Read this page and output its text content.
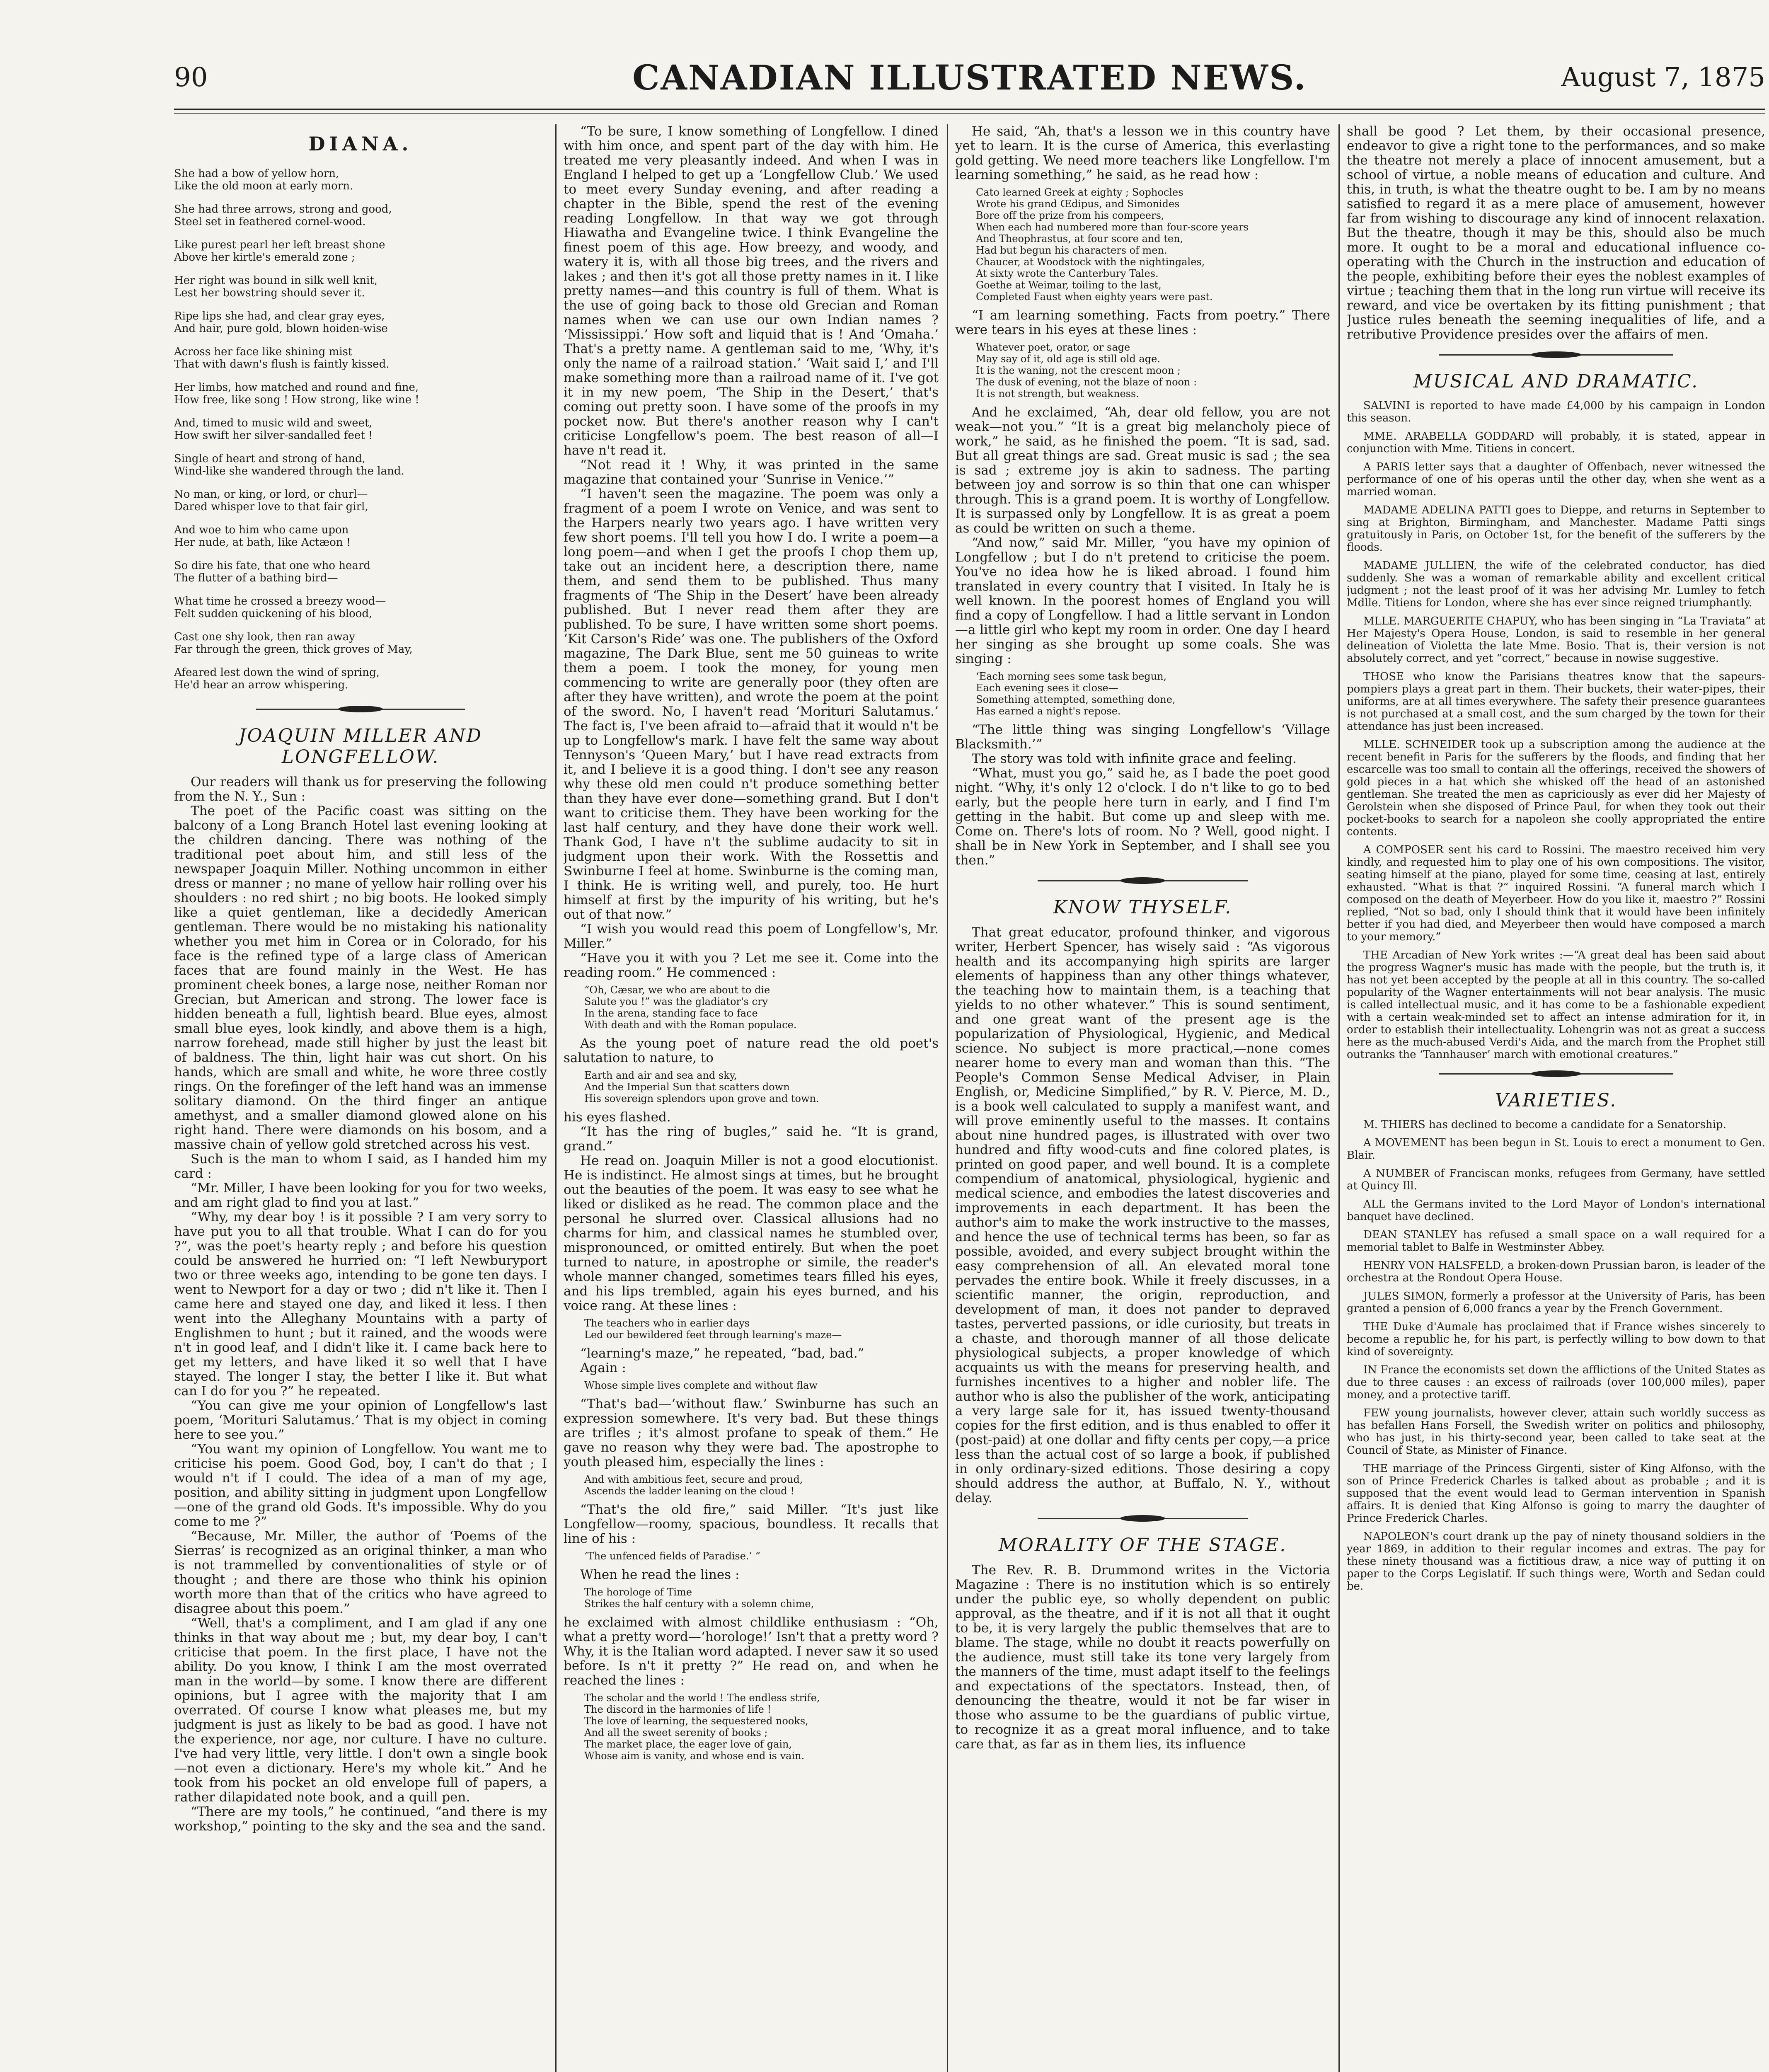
90	CANADIAN ILLUSTRATED NEWS.	August 7, 1875
DIANA.

She had a bow of yellow horn,
Like the old moon at early morn.

She had three arrows, strong and good,
Steel set in feathered cornel-wood.

Like purest pearl her left breast shone
Above her kirtle's emerald zone ;

Her right was bound in silk well knit,
Lest her bowstring should sever it.

Ripe lips she had, and clear gray eyes,
And hair, pure gold, blown hoiden-wise

Across her face like shining mist
That with dawn's flush is faintly kissed.

Her limbs, how matched and round and fine,
How free, like song ! How strong, like wine !

And, timed to music wild and sweet,
How swift her silver-sandalled feet !

Single of heart and strong of hand,
Wind-like she wandered through the land.

No man, or king, or lord, or churl—
Dared whisper love to that fair girl,

And woe to him who came upon
Her nude, at bath, like Actæon !

So dire his fate, that one who heard
The flutter of a bathing bird—

What time he crossed a breezy wood—
Felt sudden quickening of his blood,

Cast one shy look, then ran away
Far through the green, thick groves of May,

Afeared lest down the wind of spring,
He'd hear an arrow whispering.

JOAQUIN MILLER AND LONGFELLOW.

Our readers will thank us for preserving the following from the N. Y., Sun :

The poet of the Pacific coast was sitting on the balcony of a Long Branch Hotel last evening looking at the children dancing. There was nothing of the traditional poet about him, and still less of the newspaper Joaquin Miller. Nothing uncommon in either dress or manner ; no mane of yellow hair rolling over his shoulders : no red shirt ; no big boots. He looked simply like a quiet gentleman, like a decidedly American gentleman. There would be no mistaking his nationality whether you met him in Corea or in Colorado, for his face is the refined type of a large class of American faces that are found mainly in the West. He has prominent cheek bones, a large nose, neither Roman nor Grecian, but American and strong. The lower face is hidden beneath a full, lightish beard. Blue eyes, almost small blue eyes, look kindly, and above them is a high, narrow forehead, made still higher by just the least bit of baldness. The thin, light hair was cut short. On his hands, which are small and white, he wore three costly rings. On the forefinger of the left hand was an immense solitary diamond. On the third finger an antique amethyst, and a smaller diamond glowed alone on his right hand. There were diamonds on his bosom, and a massive chain of yellow gold stretched across his vest.

Such is the man to whom I said, as I handed him my card :

“Mr. Miller, I have been looking for you for two weeks, and am right glad to find you at last.”

“Why, my dear boy ! is it possible ? I am very sorry to have put you to all that trouble. What I can do for you ?”, was the poet's hearty reply ; and before his question could be answered he hurried on: “I left Newburyport two or three weeks ago, intending to be gone ten days. I went to Newport for a day or two ; did n't like it. Then I came here and stayed one day, and liked it less. I then went into the Alleghany Mountains with a party of Englishmen to hunt ; but it rained, and the woods were n't in good leaf, and I didn't like it. I came back here to get my letters, and have liked it so well that I have stayed. The longer I stay, the better I like it. But what can I do for you ?” he repeated.

“You can give me your opinion of Longfellow's last poem, ‘Morituri Salutamus.’ That is my object in coming here to see you.”

“You want my opinion of Longfellow. You want me to criticise his poem. Good God, boy, I can't do that ; I would n't if I could. The idea of a man of my age, position, and ability sitting in judgment upon Longfellow—one of the grand old Gods. It's impossible. Why do you come to me ?”

“Because, Mr. Miller, the author of ‘Poems of the Sierras’ is recognized as an original thinker, a man who is not trammelled by conventionalities of style or of thought ; and there are those who think his opinion worth more than that of the critics who have agreed to disagree about this poem.”

“Well, that's a compliment, and I am glad if any one thinks in that way about me ; but, my dear boy, I can't criticise that poem. In the first place, I have not the ability. Do you know, I think I am the most overrated man in the world—by some. I know there are different opinions, but I agree with the majority that I am overrated. Of course I know what pleases me, but my judgment is just as likely to be bad as good. I have not the experience, nor age, nor culture. I have no culture. I've had very little, very little. I don't own a single book—not even a dictionary. Here's my whole kit.” And he took from his pocket an old envelope full of papers, a rather dilapidated note book, and a quill pen.

“There are my tools,” he continued, “and there is my workshop,” pointing to the sky and the sea and the sand.

“To be sure, I know something of Longfellow. I dined with him once, and spent part of the day with him. He treated me very pleasantly indeed. And when I was in England I helped to get up a ‘Longfellow Club.’ We used to meet every Sunday evening, and after reading a chapter in the Bible, spend the rest of the evening reading Longfellow. In that way we got through Hiawatha and Evangeline twice. I think Evangeline the finest poem of this age. How breezy, and woody, and watery it is, with all those big trees, and the rivers and lakes ; and then it's got all those pretty names in it. I like pretty names—and this country is full of them. What is the use of going back to those old Grecian and Roman names when we can use our own Indian names ? ‘Mississippi.’ How soft and liquid that is ! And ‘Omaha.’ That's a pretty name. A gentleman said to me, ‘Why, it's only the name of a railroad station.’ ‘Wait said I,’ and I'll make something more than a railroad name of it. I've got it in my new poem, ‘The Ship in the Desert,’ that's coming out pretty soon. I have some of the proofs in my pocket now. But there's another reason why I can't criticise Longfellow's poem. The best reason of all—I have n't read it.

“Not read it ! Why, it was printed in the same magazine that contained your ‘Sunrise in Venice.’”

“I haven't seen the magazine. The poem was only a fragment of a poem I wrote on Venice, and was sent to the Harpers nearly two years ago. I have written very few short poems. I'll tell you how I do. I write a poem—a long poem—and when I get the proofs I chop them up, take out an incident here, a description there, name them, and send them to be published. Thus many fragments of ‘The Ship in the Desert’ have been already published. But I never read them after they are published. To be sure, I have written some short poems. ‘Kit Carson's Ride’ was one. The publishers of the Oxford magazine, The Dark Blue, sent me 50 guineas to write them a poem. I took the money, for young men commencing to write are generally poor (they often are after they have written), and wrote the poem at the point of the sword. No, I haven't read ‘Morituri Salutamus.’ The fact is, I've been afraid to—afraid that it would n't be up to Longfellow's mark. I have felt the same way about Tennyson's ‘Queen Mary,’ but I have read extracts from it, and I believe it is a good thing. I don't see any reason why these old men could n't produce something better than they have ever done—something grand. But I don't want to criticise them. They have been working for the last half century, and they have done their work well. Thank God, I have n't the sublime audacity to sit in judgment upon their work. With the Rossettis and Swinburne I feel at home. Swinburne is the coming man, I think. He is writing well, and purely, too. He hurt himself at first by the impurity of his writing, but he's out of that now.”

“I wish you would read this poem of Longfellow's, Mr. Miller.”

“Have you it with you ? Let me see it. Come into the reading room.” He commenced :

“Oh, Cæsar, we who are about to die
Salute you !” was the gladiator's cry
In the arena, standing face to face
With death and with the Roman populace.

As the young poet of nature read the old poet's salutation to nature, to

Earth and air and sea and sky,
And the Imperial Sun that scatters down
His sovereign splendors upon grove and town.

his eyes flashed.

“It has the ring of bugles,” said he. “It is grand, grand.”

He read on. Joaquin Miller is not a good elocutionist. He is indistinct. He almost sings at times, but he brought out the beauties of the poem. It was easy to see what he liked or disliked as he read. The common place and the personal he slurred over. Classical allusions had no charms for him, and classical names he stumbled over, mispronounced, or omitted entirely. But when the poet turned to nature, in apostrophe or simile, the reader's whole manner changed, sometimes tears filled his eyes, and his lips trembled, again his eyes burned, and his voice rang. At these lines :

The teachers who in earlier days
Led our bewildered feet through learning's maze—

“learning's maze,” he repeated, “bad, bad.”

Again :

Whose simple lives complete and without flaw

“That's bad—‘without flaw.’ Swinburne has such an expression somewhere. It's very bad. But these things are trifles ; it's almost profane to speak of them.” He gave no reason why they were bad. The apostrophe to youth pleased him, especially the lines :

And with ambitious feet, secure and proud,
Ascends the ladder leaning on the cloud !

“That's the old fire,” said Miller. “It's just like Longfellow—roomy, spacious, boundless. It recalls that line of his :

‘The unfenced fields of Paradise.’ ”

When he read the lines :

The horologe of Time
Strikes the half century with a solemn chime,

he exclaimed with almost childlike enthusiasm : “Oh, what a pretty word—‘horologe!’ Isn't that a pretty word ? Why, it is the Italian word adapted. I never saw it so used before. Is n't it pretty ?” He read on, and when he reached the lines :

The scholar and the world ! The endless strife,
The discord in the harmonies of life !
The love of learning, the sequestered nooks,
And all the sweet serenity of books ;
The market place, the eager love of gain,
Whose aim is vanity, and whose end is vain.

He said, “Ah, that's a lesson we in this country have yet to learn. It is the curse of America, this everlasting gold getting. We need more teachers like Longfellow. I'm learning something,” he said, as he read how :

Cato learned Greek at eighty ; Sophocles
Wrote his grand Œdipus, and Simonides
Bore off the prize from his compeers,
When each had numbered more than four-score years
And Theophrastus, at four score and ten,
Had but begun his characters of men.
Chaucer, at Woodstock with the nightingales,
At sixty wrote the Canterbury Tales.
Goethe at Weimar, toiling to the last,
Completed Faust when eighty years were past.

“I am learning something. Facts from poetry.” There were tears in his eyes at these lines :

Whatever poet, orator, or sage
May say of it, old age is still old age.
It is the waning, not the crescent moon ;
The dusk of evening, not the blaze of noon :
It is not strength, but weakness.

And he exclaimed, “Ah, dear old fellow, you are not weak—not you.” “It is a great big melancholy piece of work,” he said, as he finished the poem. “It is sad, sad. But all great things are sad. Great music is sad ; the sea is sad ; extreme joy is akin to sadness. The parting between joy and sorrow is so thin that one can whisper through. This is a grand poem. It is worthy of Longfellow. It is surpassed only by Longfellow. It is as great a poem as could be written on such a theme.

“And now,” said Mr. Miller, “you have my opinion of Longfellow ; but I do n't pretend to criticise the poem. You've no idea how he is liked abroad. I found him translated in every country that I visited. In Italy he is well known. In the poorest homes of England you will find a copy of Longfellow. I had a little servant in London—a little girl who kept my room in order. One day I heard her singing as she brought up some coals. She was singing :

‘Each morning sees some task begun,
Each evening sees it close—
Something attempted, something done,
Has earned a night's repose.

“The little thing was singing Longfellow's ‘Village Blacksmith.’”

The story was told with infinite grace and feeling.

“What, must you go,” said he, as I bade the poet good night. “Why, it's only 12 o'clock. I do n't like to go to bed early, but the people here turn in early, and I find I'm getting in the habit. But come up and sleep with me. Come on. There's lots of room. No ? Well, good night. I shall be in New York in September, and I shall see you then.”

KNOW THYSELF.

That great educator, profound thinker, and vigorous writer, Herbert Spencer, has wisely said : “As vigorous health and its accompanying high spirits are larger elements of happiness than any other things whatever, the teaching how to maintain them, is a teaching that yields to no other whatever.” This is sound sentiment, and one great want of the present age is the popularization of Physiological, Hygienic, and Medical science. No subject is more practical,—none comes nearer home to every man and woman than this. “The People's Common Sense Medical Adviser, in Plain English, or, Medicine Simplified,” by R. V. Pierce, M. D., is a book well calculated to supply a manifest want, and will prove eminently useful to the masses. It contains about nine hundred pages, is illustrated with over two hundred and fifty wood-cuts and fine colored plates, is printed on good paper, and well bound. It is a complete compendium of anatomical, physiological, hygienic and medical science, and embodies the latest discoveries and improvements in each department. It has been the author's aim to make the work instructive to the masses, and hence the use of technical terms has been, so far as possible, avoided, and every subject brought within the easy comprehension of all. An elevated moral tone pervades the entire book. While it freely discusses, in a scientific manner, the origin, reproduction, and development of man, it does not pander to depraved tastes, perverted passions, or idle curiosity, but treats in a chaste, and thorough manner of all those delicate physiological subjects, a proper knowledge of which acquaints us with the means for preserving health, and furnishes incentives to a higher and nobler life. The author who is also the publisher of the work, anticipating a very large sale for it, has issued twenty-thousand copies for the first edition, and is thus enabled to offer it (post-paid) at one dollar and fifty cents per copy,—a price less than the actual cost of so large a book, if published in only ordinary-sized editions. Those desiring a copy should address the author, at Buffalo, N. Y., without delay.

MORALITY OF THE STAGE.

The Rev. R. B. Drummond writes in the Victoria Magazine : There is no institution which is so entirely under the public eye, so wholly dependent on public approval, as the theatre, and if it is not all that it ought to be, it is very largely the public themselves that are to blame. The stage, while no doubt it reacts powerfully on the audience, must still take its tone very largely from the manners of the time, must adapt itself to the feelings and expectations of the spectators. Instead, then, of denouncing the theatre, would it not be far wiser in those who assume to be the guardians of public virtue, to recognize it as a great moral influence, and to take care that, as far as in them lies, its influence

shall be good ? Let them, by their occasional presence, endeavor to give a right tone to the performances, and so make the theatre not merely a place of innocent amusement, but a school of virtue, a noble means of education and culture. And this, in truth, is what the theatre ought to be. I am by no means satisfied to regard it as a mere place of amusement, however far from wishing to discourage any kind of innocent relaxation. But the theatre, though it may be this, should also be much more. It ought to be a moral and educational influence co-operating with the Church in the instruction and education of the people, exhibiting before their eyes the noblest examples of virtue ; teaching them that in the long run virtue will receive its reward, and vice be overtaken by its fitting punishment ; that Justice rules beneath the seeming inequalities of life, and a retributive Providence presides over the affairs of men.

MUSICAL AND DRAMATIC.

SALVINI is reported to have made £4,000 by his campaign in London this season.

MME. ARABELLA GODDARD will probably, it is stated, appear in conjunction with Mme. Titiens in concert.

A PARIS letter says that a daughter of Offenbach, never witnessed the performance of one of his operas until the other day, when she went as a married woman.

MADAME ADELINA PATTI goes to Dieppe, and returns in September to sing at Brighton, Birmingham, and Manchester. Madame Patti sings gratuitously in Paris, on October 1st, for the benefit of the sufferers by the floods.

MADAME JULLIEN, the wife of the celebrated conductor, has died suddenly. She was a woman of remarkable ability and excellent critical judgment ; not the least proof of it was her advising Mr. Lumley to fetch Mdlle. Titiens for London, where she has ever since reigned triumphantly.

MLLE. MARGUERITE CHAPUY, who has been singing in “La Traviata” at Her Majesty's Opera House, London, is said to resemble in her general delineation of Violetta the late Mme. Bosio. That is, their version is not absolutely correct, and yet “correct,” because in nowise suggestive.

THOSE who know the Parisians theatres know that the sapeurs-pompiers plays a great part in them. Their buckets, their water-pipes, their uniforms, are at all times everywhere. The safety their presence guarantees is not purchased at a small cost, and the sum charged by the town for their attendance has just been increased.

MLLE. SCHNEIDER took up a subscription among the audience at the recent benefit in Paris for the sufferers by the floods, and finding that her escarcelle was too small to contain all the offerings, received the showers of gold pieces in a hat which she whisked off the head of an astonished gentleman. She treated the men as capriciously as ever did her Majesty of Gerolstein when she disposed of Prince Paul, for when they took out their pocket-books to search for a napoleon she coolly appropriated the entire contents.

A COMPOSER sent his card to Rossini. The maestro received him very kindly, and requested him to play one of his own compositions. The visitor, seating himself at the piano, played for some time, ceasing at last, entirely exhausted. “What is that ?” inquired Rossini. “A funeral march which I composed on the death of Meyerbeer. How do you like it, maestro ?” Rossini replied, “Not so bad, only I should think that it would have been infinitely better if you had died, and Meyerbeer then would have composed a march to your memory.”

THE Arcadian of New York writes :—“A great deal has been said about the progress Wagner's music has made with the people, but the truth is, it has not yet been accepted by the people at all in this country. The so-called popularity of the Wagner entertainments will not bear analysis. The music is called intellectual music, and it has come to be a fashionable expedient with a certain weak-minded set to affect an intense admiration for it, in order to establish their intellectuality. Lohengrin was not as great a success here as the much-abused Verdi's Aida, and the march from the Prophet still outranks the ‘Tannhauser’ march with emotional creatures.”

VARIETIES.

M. THIERS has declined to become a candidate for a Senatorship.

A MOVEMENT has been begun in St. Louis to erect a monument to Gen. Blair.

A NUMBER of Franciscan monks, refugees from Germany, have settled at Quincy Ill.

ALL the Germans invited to the Lord Mayor of London's international banquet have declined.

DEAN STANLEY has refused a small space on a wall required for a memorial tablet to Balfe in Westminster Abbey.

HENRY VON HALSFELD, a broken-down Prussian baron, is leader of the orchestra at the Rondout Opera House.

JULES SIMON, formerly a professor at the University of Paris, has been granted a pension of 6,000 francs a year by the French Government.

THE Duke d'Aumale has proclaimed that if France wishes sincerely to become a republic he, for his part, is perfectly willing to bow down to that kind of sovereignty.

IN France the economists set down the afflictions of the United States as due to three causes : an excess of railroads (over 100,000 miles), paper money, and a protective tariff.

FEW young journalists, however clever, attain such worldly success as has befallen Hans Forsell, the Swedish writer on politics and philosophy, who has just, in his thirty-second year, been called to take seat at the Council of State, as Minister of Finance.

THE marriage of the Princess Girgenti, sister of King Alfonso, with the son of Prince Frederick Charles is talked about as probable ; and it is supposed that the event would lead to German intervention in Spanish affairs. It is denied that King Alfonso is going to marry the daughter of Prince Frederick Charles.

NAPOLEON's court drank up the pay of ninety thousand soldiers in the year 1869, in addition to their regular incomes and extras. The pay for these ninety thousand was a fictitious draw, a nice way of putting it on paper to the Corps Legislatif. If such things were, Worth and Sedan could be.
